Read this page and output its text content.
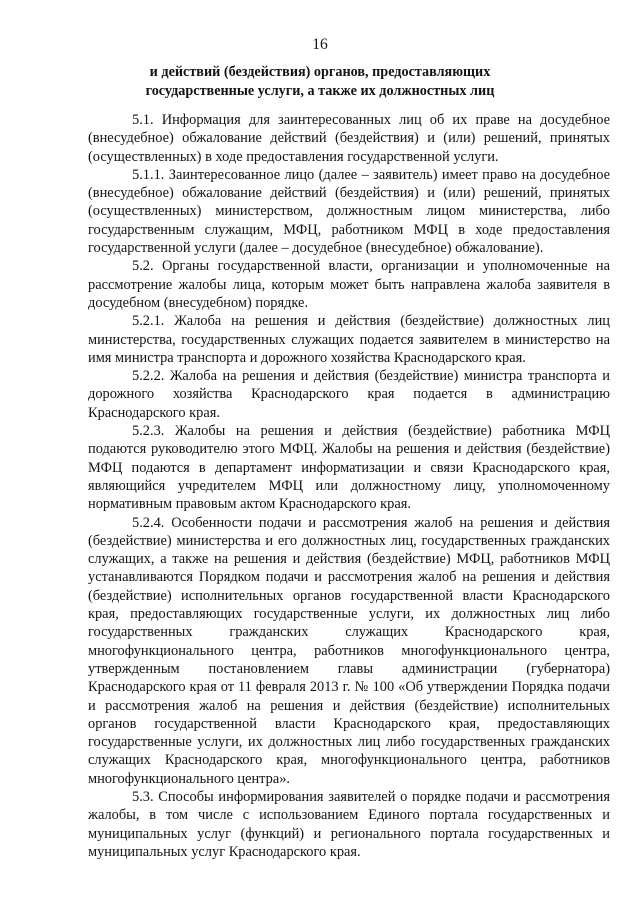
16
и действий (бездействия) органов, предоставляющих
государственные услуги, а также их должностных лиц

5.1. Информация для заинтересованных лиц об их праве на досудебное (внесудебное) обжалование действий (бездействия) и (или) решений, принятых (осуществленных) в ходе предоставления государственной услуги.

5.1.1. Заинтересованное лицо (далее – заявитель) имеет право на досудебное (внесудебное) обжалование действий (бездействия) и (или) решений, принятых (осуществленных) министерством, должностным лицом министерства, либо государственным служащим, МФЦ, работником МФЦ в ходе предоставления государственной услуги (далее – досудебное (внесудебное) обжалование).

5.2. Органы государственной власти, организации и уполномоченные на рассмотрение жалобы лица, которым может быть направлена жалоба заявителя в досудебном (внесудебном) порядке.

5.2.1. Жалоба на решения и действия (бездействие) должностных лиц министерства, государственных служащих подается заявителем в министерство на имя министра транспорта и дорожного хозяйства Краснодарского края.

5.2.2. Жалоба на решения и действия (бездействие) министра транспорта и дорожного хозяйства Краснодарского края подается в администрацию Краснодарского края.

5.2.3. Жалобы на решения и действия (бездействие) работника МФЦ подаются руководителю этого МФЦ. Жалобы на решения и действия (бездействие) МФЦ подаются в департамент информатизации и связи Краснодарского края, являющийся учредителем МФЦ или должностному лицу, уполномоченному нормативным правовым актом Краснодарского края.

5.2.4. Особенности подачи и рассмотрения жалоб на решения и действия (бездействие) министерства и его должностных лиц, государственных гражданских служащих, а также на решения и действия (бездействие) МФЦ, работников МФЦ устанавливаются Порядком подачи и рассмотрения жалоб на решения и действия (бездействие) исполнительных органов государственной власти Краснодарского края, предоставляющих государственные услуги, их должностных лиц либо государственных гражданских служащих Краснодарского края, многофункционального центра, работников многофункционального центра, утвержденным постановлением главы администрации (губернатора) Краснодарского края от 11 февраля 2013 г. № 100 «Об утверждении Порядка подачи и рассмотрения жалоб на решения и действия (бездействие) исполнительных органов государственной власти Краснодарского края, предоставляющих государственные услуги, их должностных лиц либо государственных гражданских служащих Краснодарского края, многофункционального центра, работников многофункционального центра».

5.3. Способы информирования заявителей о порядке подачи и рассмотрения жалобы, в том числе с использованием Единого портала государственных и муниципальных услуг (функций) и регионального портала государственных и муниципальных услуг Краснодарского края.
